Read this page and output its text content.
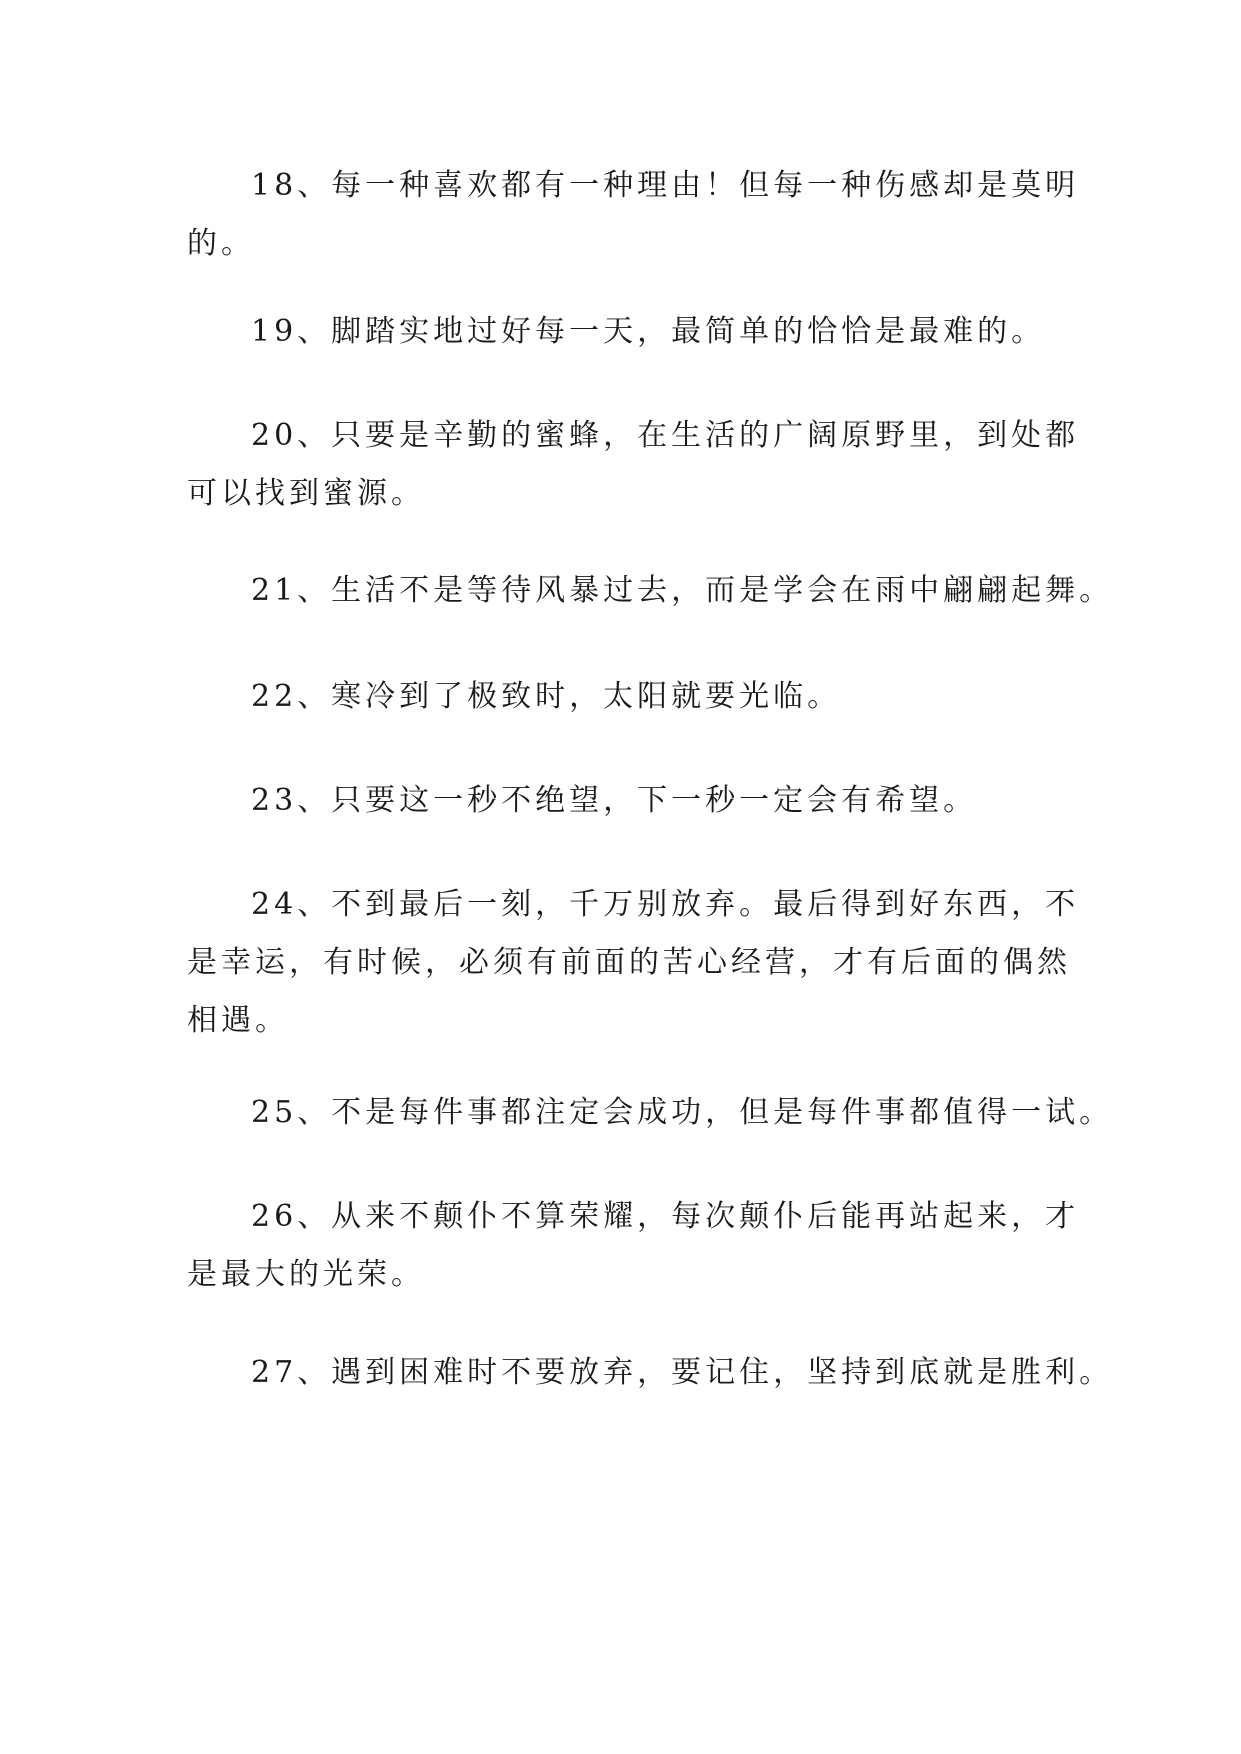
18、每一种喜欢都有一种理由！但每一种伤感却是莫明
的。

19、脚踏实地过好每一天，最简单的恰恰是最难的。

20、只要是辛勤的蜜蜂，在生活的广阔原野里，到处都
可以找到蜜源。

21、生活不是等待风暴过去，而是学会在雨中翩翩起舞。

22、寒冷到了极致时，太阳就要光临。

23、只要这一秒不绝望，下一秒一定会有希望。

24、不到最后一刻，千万别放弃。最后得到好东西，不
是幸运，有时候，必须有前面的苦心经营，才有后面的偶然
相遇。

25、不是每件事都注定会成功，但是每件事都值得一试。

26、从来不颠仆不算荣耀，每次颠仆后能再站起来，才
是最大的光荣。

27、遇到困难时不要放弃，要记住，坚持到底就是胜利。
